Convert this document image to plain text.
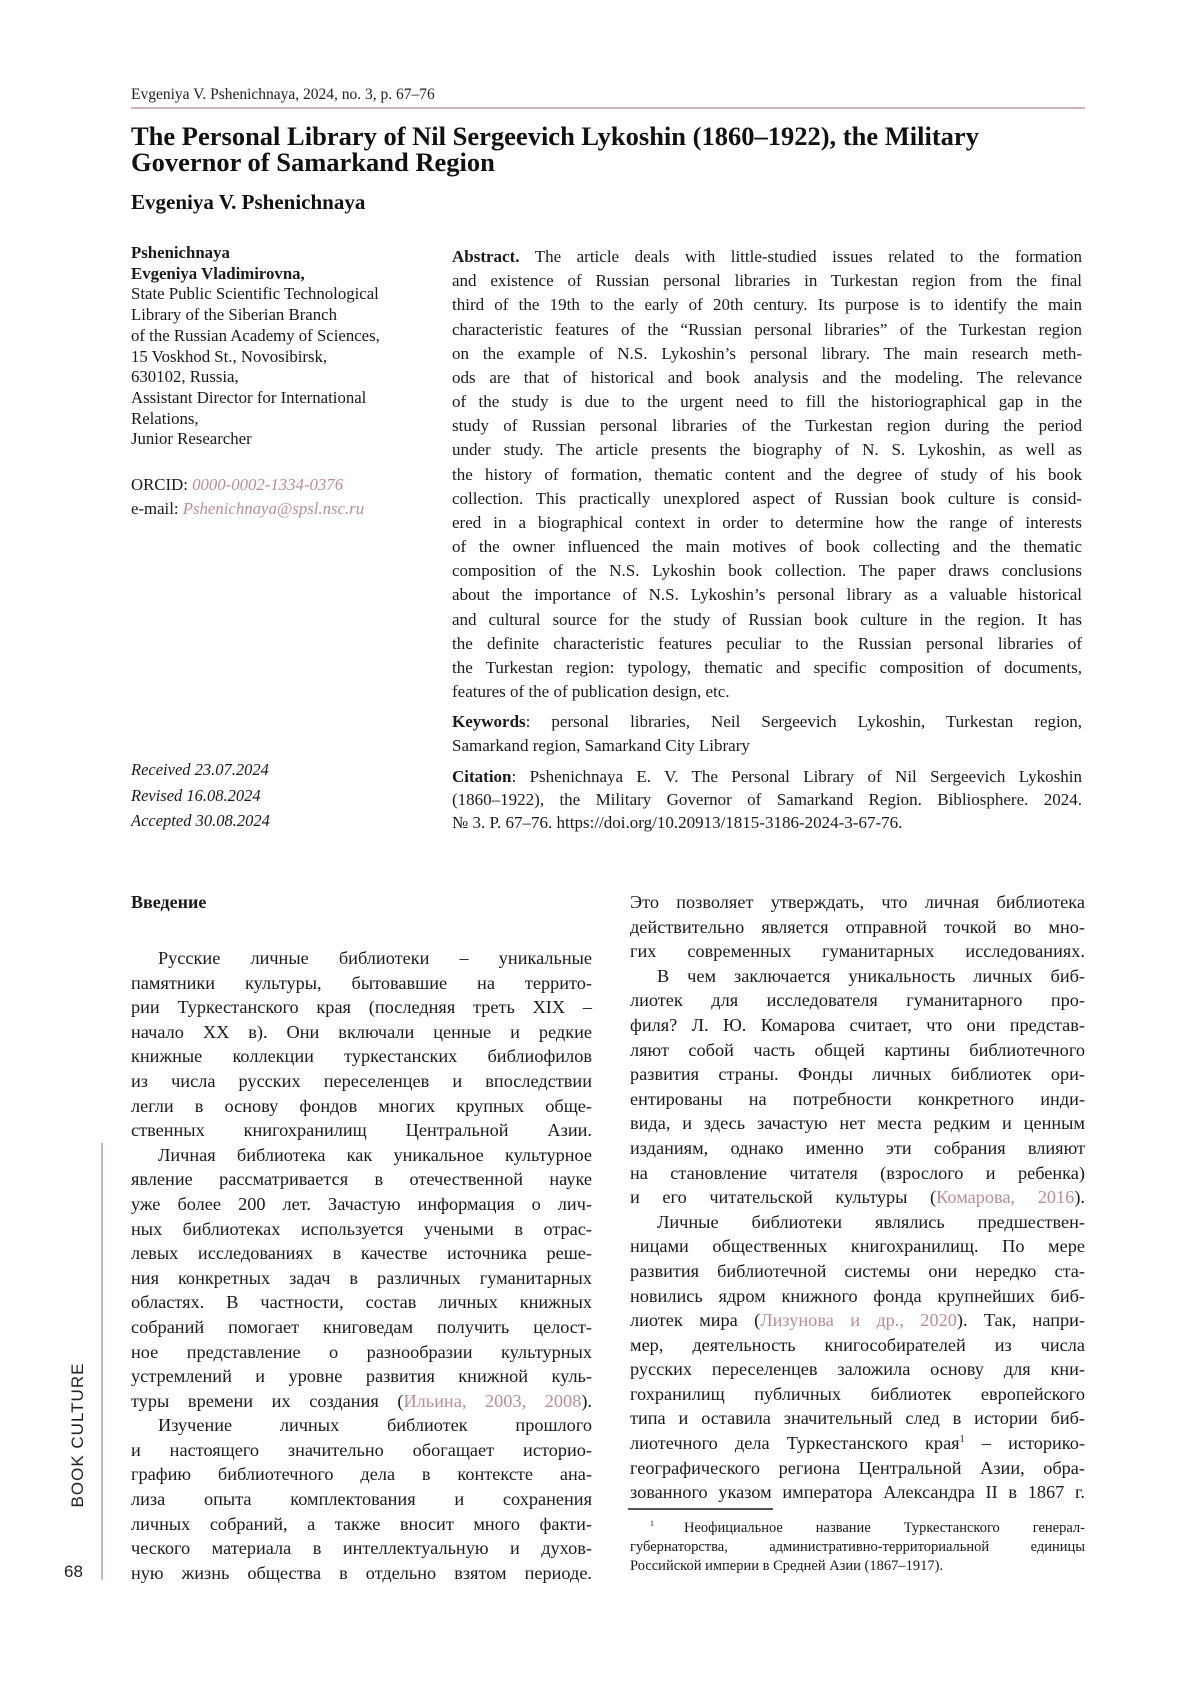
Evgeniya V. Pshenichnaya, 2024, no. 3, p. 67–76
The Personal Library of Nil Sergeevich Lykoshin (1860–1922), the Military
Governor of Samarkand Region
Evgeniya V. Pshenichnaya
Pshenichnaya
Evgeniya Vladimirovna,
State Public Scientific Technological
Library of the Siberian Branch
of the Russian Academy of Sciences,
15 Voskhod St., Novosibirsk,
630102, Russia,
Assistant Director for International
Relations,
Junior Researcher
ORCID: 0000-0002-1334-0376
e-mail: Pshenichnaya@spsl.nsc.ru
Received 23.07.2024
Revised 16.08.2024
Accepted 30.08.2024
Abstract. The article deals with little-studied issues related to the formation
and existence of Russian personal libraries in Turkestan region from the final
third of the 19th to the early of 20th century. Its purpose is to identify the main
characteristic features of the “Russian personal libraries” of the Turkestan region
on the example of N.S. Lykoshin’s personal library. The main research meth-
ods are that of historical and book analysis and the modeling. The relevance
of the study is due to the urgent need to fill the historiographical gap in the
study of Russian personal libraries of the Turkestan region during the period
under study. The article presents the biography of N. S. Lykoshin, as well as
the history of formation, thematic content and the degree of study of his book
collection. This practically unexplored aspect of Russian book culture is consid-
ered in a biographical context in order to determine how the range of interests
of the owner influenced the main motives of book collecting and the thematic
composition of the N.S. Lykoshin book collection. The paper draws conclusions
about the importance of N.S. Lykoshin’s personal library as a valuable historical
and cultural source for the study of Russian book culture in the region. It has
the definite characteristic features peculiar to the Russian personal libraries of
the Turkestan region: typology, thematic and specific composition of documents,
features of the of publication design, etc.
Keywords: personal libraries, Neil Sergeevich Lykoshin, Turkestan region,
Samarkand region, Samarkand City Library
Citation: Pshenichnaya E. V. The Personal Library of Nil Sergeevich Lykoshin
(1860–1922), the Military Governor of Samarkand Region. Bibliosphere. 2024.
№ 3. P. 67–76. https://doi.org/10.20913/1815-3186-2024-3-67-76.
Введение
Русские личные библиотеки – уникальные
памятники культуры, бытовавшие на террито-
рии Туркестанского края (последняя треть XIX –
начало XX в). Они включали ценные и редкие
книжные коллекции туркестанских библиофилов
из числа русских переселенцев и впоследствии
легли в основу фондов многих крупных обще-
ственных книгохранилищ Центральной Азии.
Личная библиотека как уникальное культурное
явление рассматривается в отечественной науке
уже более 200 лет. Зачастую информация о лич-
ных библиотеках используется учеными в отрас-
левых исследованиях в качестве источника реше-
ния конкретных задач в различных гуманитарных
областях. В частности, состав личных книжных
собраний помогает книговедам получить целост-
ное представление о разнообразии культурных
устремлений и уровне развития книжной куль-
туры времени их создания (Ильина, 2003, 2008).
Изучение личных библиотек прошлого
и настоящего значительно обогащает историо-
графию библиотечного дела в контексте ана-
лиза опыта комплектования и сохранения
личных собраний, а также вносит много факти-
ческого материала в интеллектуальную и духов-
ную жизнь общества в отдельно взятом периоде.
Это позволяет утверждать, что личная библиотека
действительно является отправной точкой во мно-
гих современных гуманитарных исследованиях.
В чем заключается уникальность личных биб-
лиотек для исследователя гуманитарного про-
филя? Л. Ю. Комарова считает, что они представ-
ляют собой часть общей картины библиотечного
развития страны. Фонды личных библиотек ори-
ентированы на потребности конкретного инди-
вида, и здесь зачастую нет места редким и ценным
изданиям, однако именно эти собрания влияют
на становление читателя (взрослого и ребенка)
и его читательской культуры (Комарова, 2016).
Личные библиотеки являлись предшествен-
ницами общественных книгохранилищ. По мере
развития библиотечной системы они нередко ста-
новились ядром книжного фонда крупнейших биб-
лиотек мира (Лизунова и др., 2020). Так, напри-
мер, деятельность книгособирателей из числа
русских переселенцев заложила основу для кни-
гохранилищ публичных библиотек европейского
типа и оставила значительный след в истории биб-
лиотечного дела Туркестанского края1 – историко-
географического региона Центральной Азии, обра-
зованного указом императора Александра II в 1867 г.
1 Неофициальное название Туркестанского генерал-
губернаторства, административно-территориальной единицы
Российской империи в Средней Азии (1867–1917).
BOOK CULTURE
68
